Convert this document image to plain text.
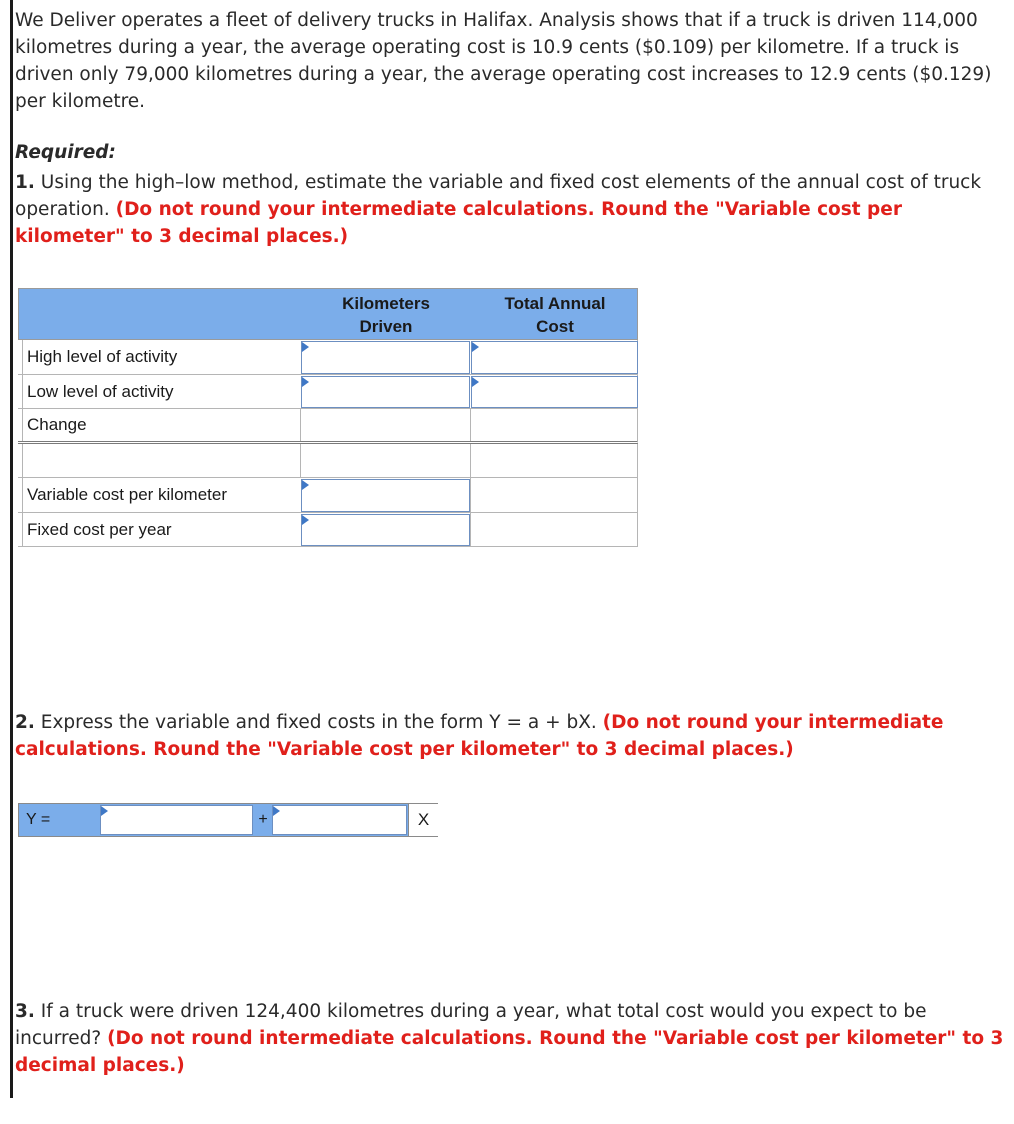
We Deliver operates a fleet of delivery trucks in Halifax. Analysis shows that if a truck is driven 114,000 kilometres during a year, the average operating cost is 10.9 cents ($0.109) per kilometre. If a truck is driven only 79,000 kilometres during a year, the average operating cost increases to 12.9 cents ($0.129) per kilometre.

Required:

1. Using the high–low method, estimate the variable and fixed cost elements of the annual cost of truck operation. (Do not round your intermediate calculations. Round the "Variable cost per kilometer" to 3 decimal places.)

Kilometers
Driven
Total Annual
Cost
High level of activity
Low level of activity
Change
Variable cost per kilometer
Fixed cost per year

2. Express the variable and fixed costs in the form Y = a + bX. (Do not round your intermediate calculations. Round the "Variable cost per kilometer" to 3 decimal places.)

Y =	+	X

3. If a truck were driven 124,400 kilometres during a year, what total cost would you expect to be incurred? (Do not round intermediate calculations. Round the "Variable cost per kilometer" to 3 decimal places.)
